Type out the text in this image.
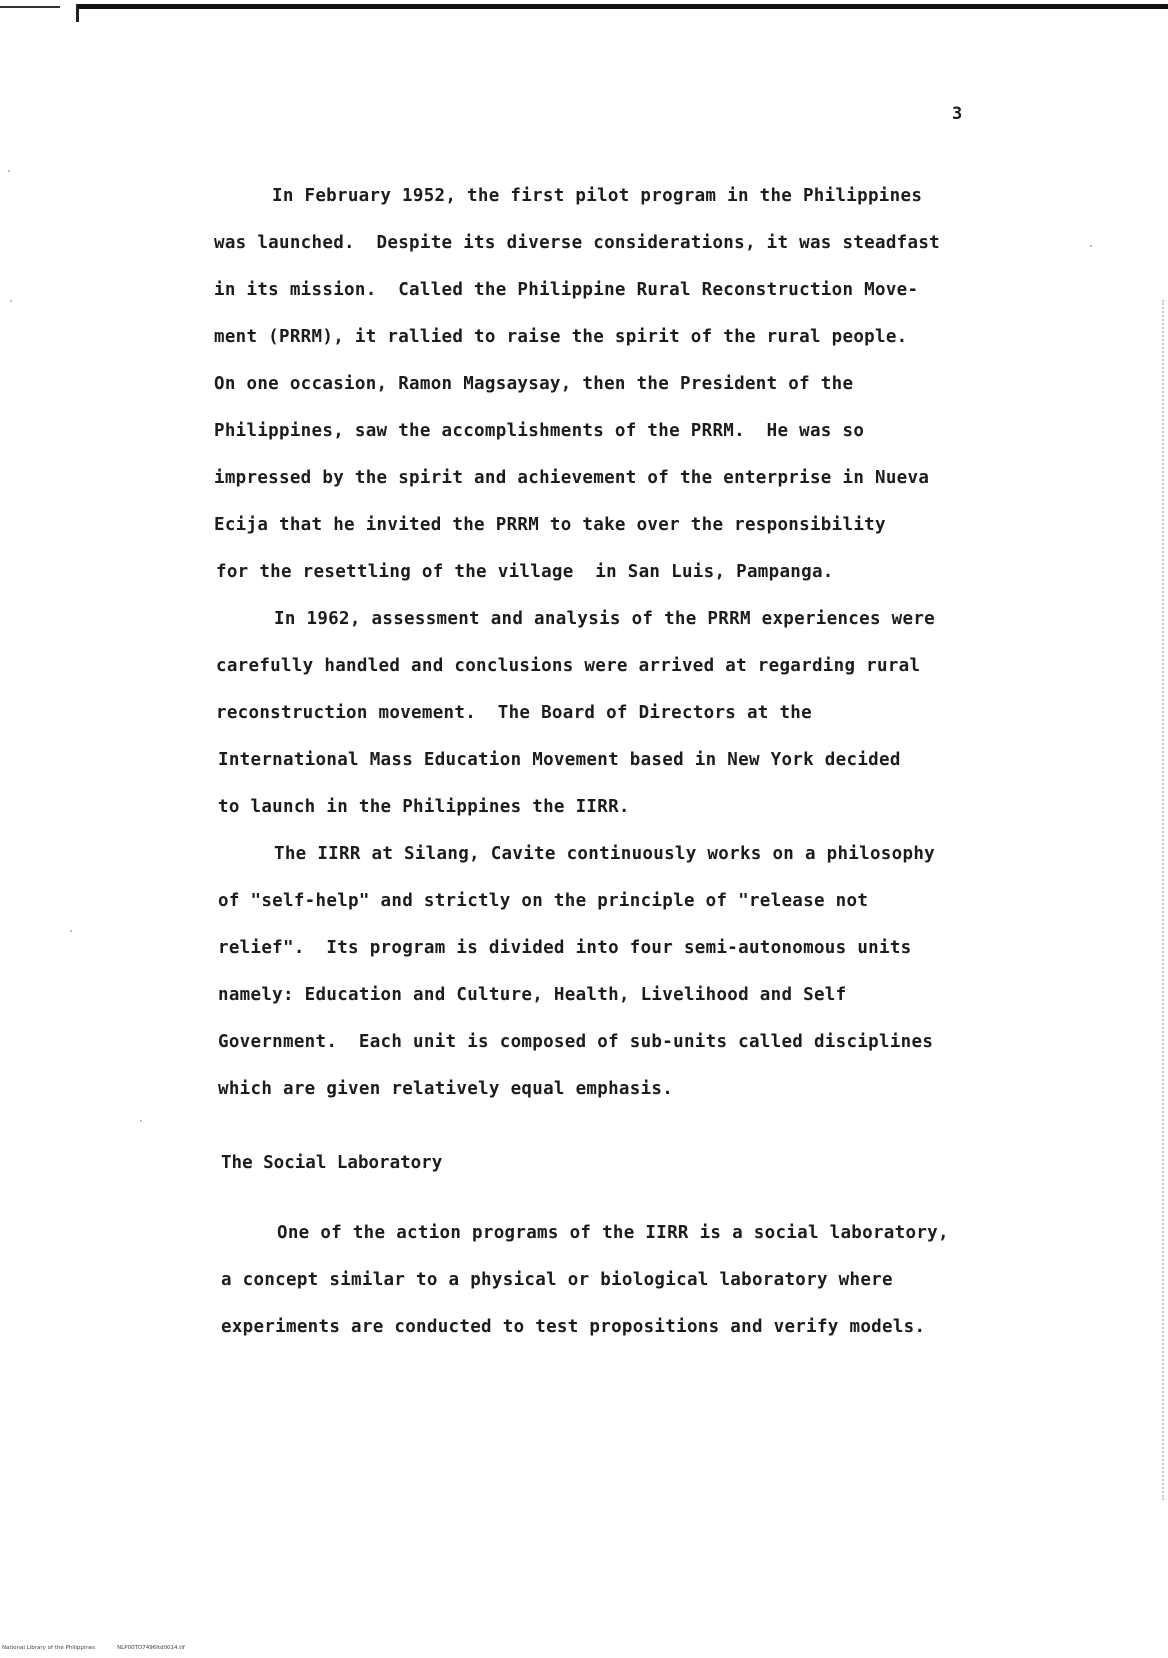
3
In February 1952, the first pilot program in the Philippines
was launched.  Despite its diverse considerations, it was steadfast
in its mission.  Called the Philippine Rural Reconstruction Move-
ment (PRRM), it rallied to raise the spirit of the rural people.
On one occasion, Ramon Magsaysay, then the President of the
Philippines, saw the accomplishments of the PRRM.  He was so
impressed by the spirit and achievement of the enterprise in Nueva
Ecija that he invited the PRRM to take over the responsibility
for the resettling of the village  in San Luis, Pampanga.
In 1962, assessment and analysis of the PRRM experiences were
carefully handled and conclusions were arrived at regarding rural
reconstruction movement.  The Board of Directors at the
International Mass Education Movement based in New York decided
to launch in the Philippines the IIRR.
The IIRR at Silang, Cavite continuously works on a philosophy
of "self-help" and strictly on the principle of "release not
relief".  Its program is divided into four semi-autonomous units
namely: Education and Culture, Health, Livelihood and Self
Government.  Each unit is composed of sub-units called disciplines
which are given relatively equal emphasis.
The Social Laboratory
One of the action programs of the IIRR is a social laboratory,
a concept similar to a physical or biological laboratory where
experiments are conducted to test propositions and verify models.
National Library of the Philippines	NLP00TD7496Itd0014.tif
